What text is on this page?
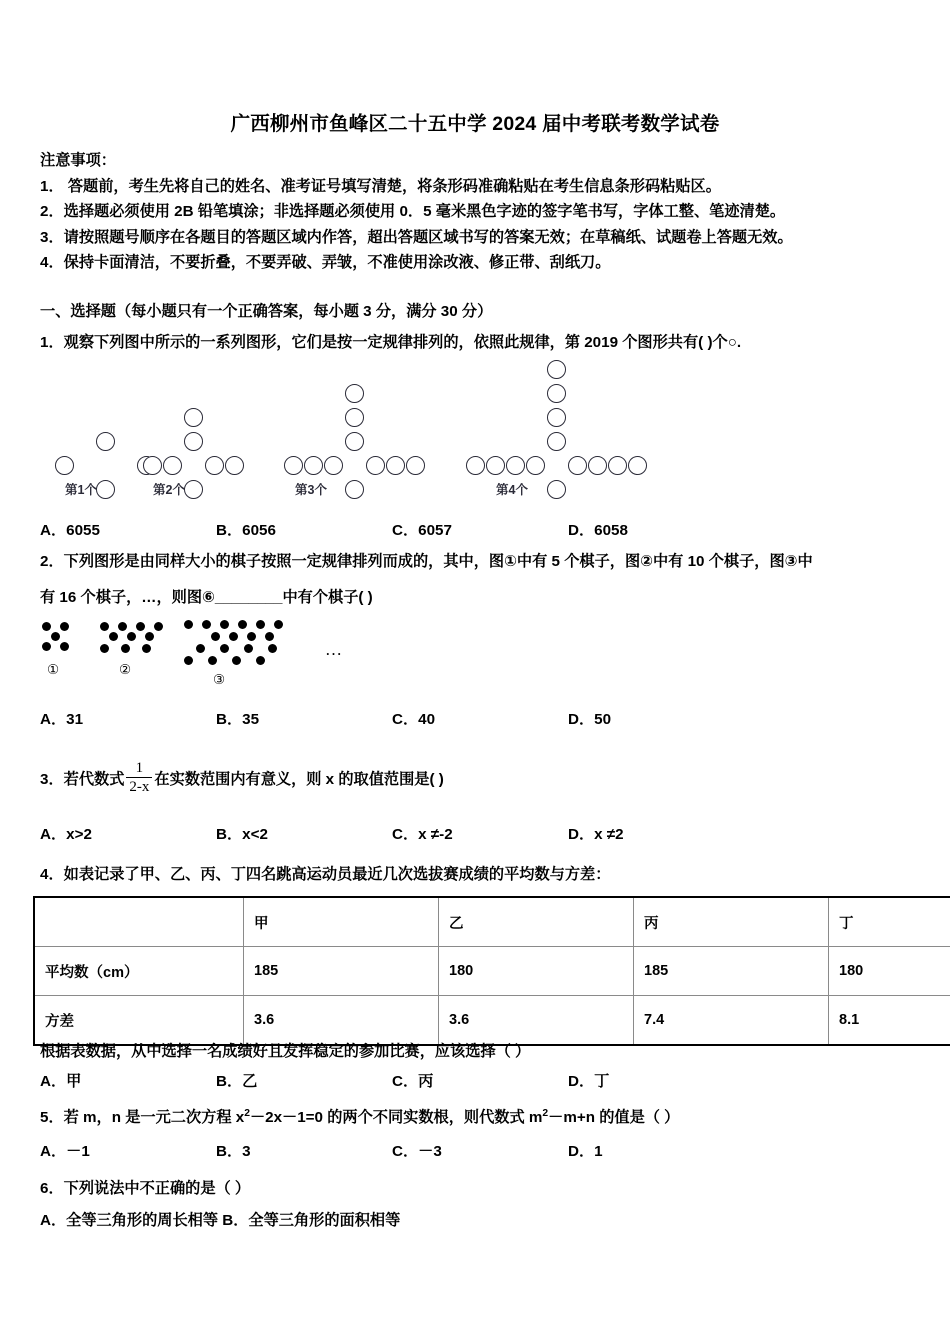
广西柳州市鱼峰区二十五中学 2024 届中考联考数学试卷
注意事项：
1． 答题前，考生先将自己的姓名、准考证号填写清楚，将条形码准确粘贴在考生信息条形码粘贴区。
2．选择题必须使用 2B 铅笔填涂；非选择题必须使用 0．5 毫米黑色字迹的签字笔书写，字体工整、笔迹清楚。
3．请按照题号顺序在各题目的答题区域内作答，超出答题区域书写的答案无效；在草稿纸、试题卷上答题无效。
4．保持卡面清洁，不要折叠，不要弄破、弄皱，不准使用涂改液、修正带、刮纸刀。
一、选择题（每小题只有一个正确答案，每小题 3 分，满分 30 分）
1．观察下列图中所示的一系列图形，它们是按一定规律排列的，依照此规律，第 2019 个图形共有( )个○.
第1个	第2个	第3个	第4个
A．6055	B．6056	C．6057	D．6058
2．下列图形是由同样大小的棋子按照一定规律排列而成的，其中，图①中有 5 个棋子，图②中有 10 个棋子，图③中
有 16 个棋子，…，则图⑥________中有个棋子( )
①	②
③
…
A．31	B．35	C．40	D．50
3．若代数式 $\frac{1}{2-x}$ 在实数范围内有意义，则 x 的取值范围是( )
A．x>2	B．x<2	C．x ≠-2	D．x ≠2
4．如表记录了甲、乙、丙、丁四名跳高运动员最近几次选拔赛成绩的平均数与方差：
	甲	乙	丙	丁
平均数（cm）	185	180	185	180
方差	3.6	3.6	7.4	8.1
根据表数据，从中选择一名成绩好且发挥稳定的参加比赛，应该选择（ ）
A．甲	B．乙	C．丙	D．丁
5．若 m，n 是一元二次方程 $x^2-2x-1=0$ 的两个不同实数根，则代数式 $m^2-m+n$ 的值是（ ）
A．－1	B．3	C．－3	D．1
6．下列说法中不正确的是（ ）
A．全等三角形的周长相等 B．全等三角形的面积相等
